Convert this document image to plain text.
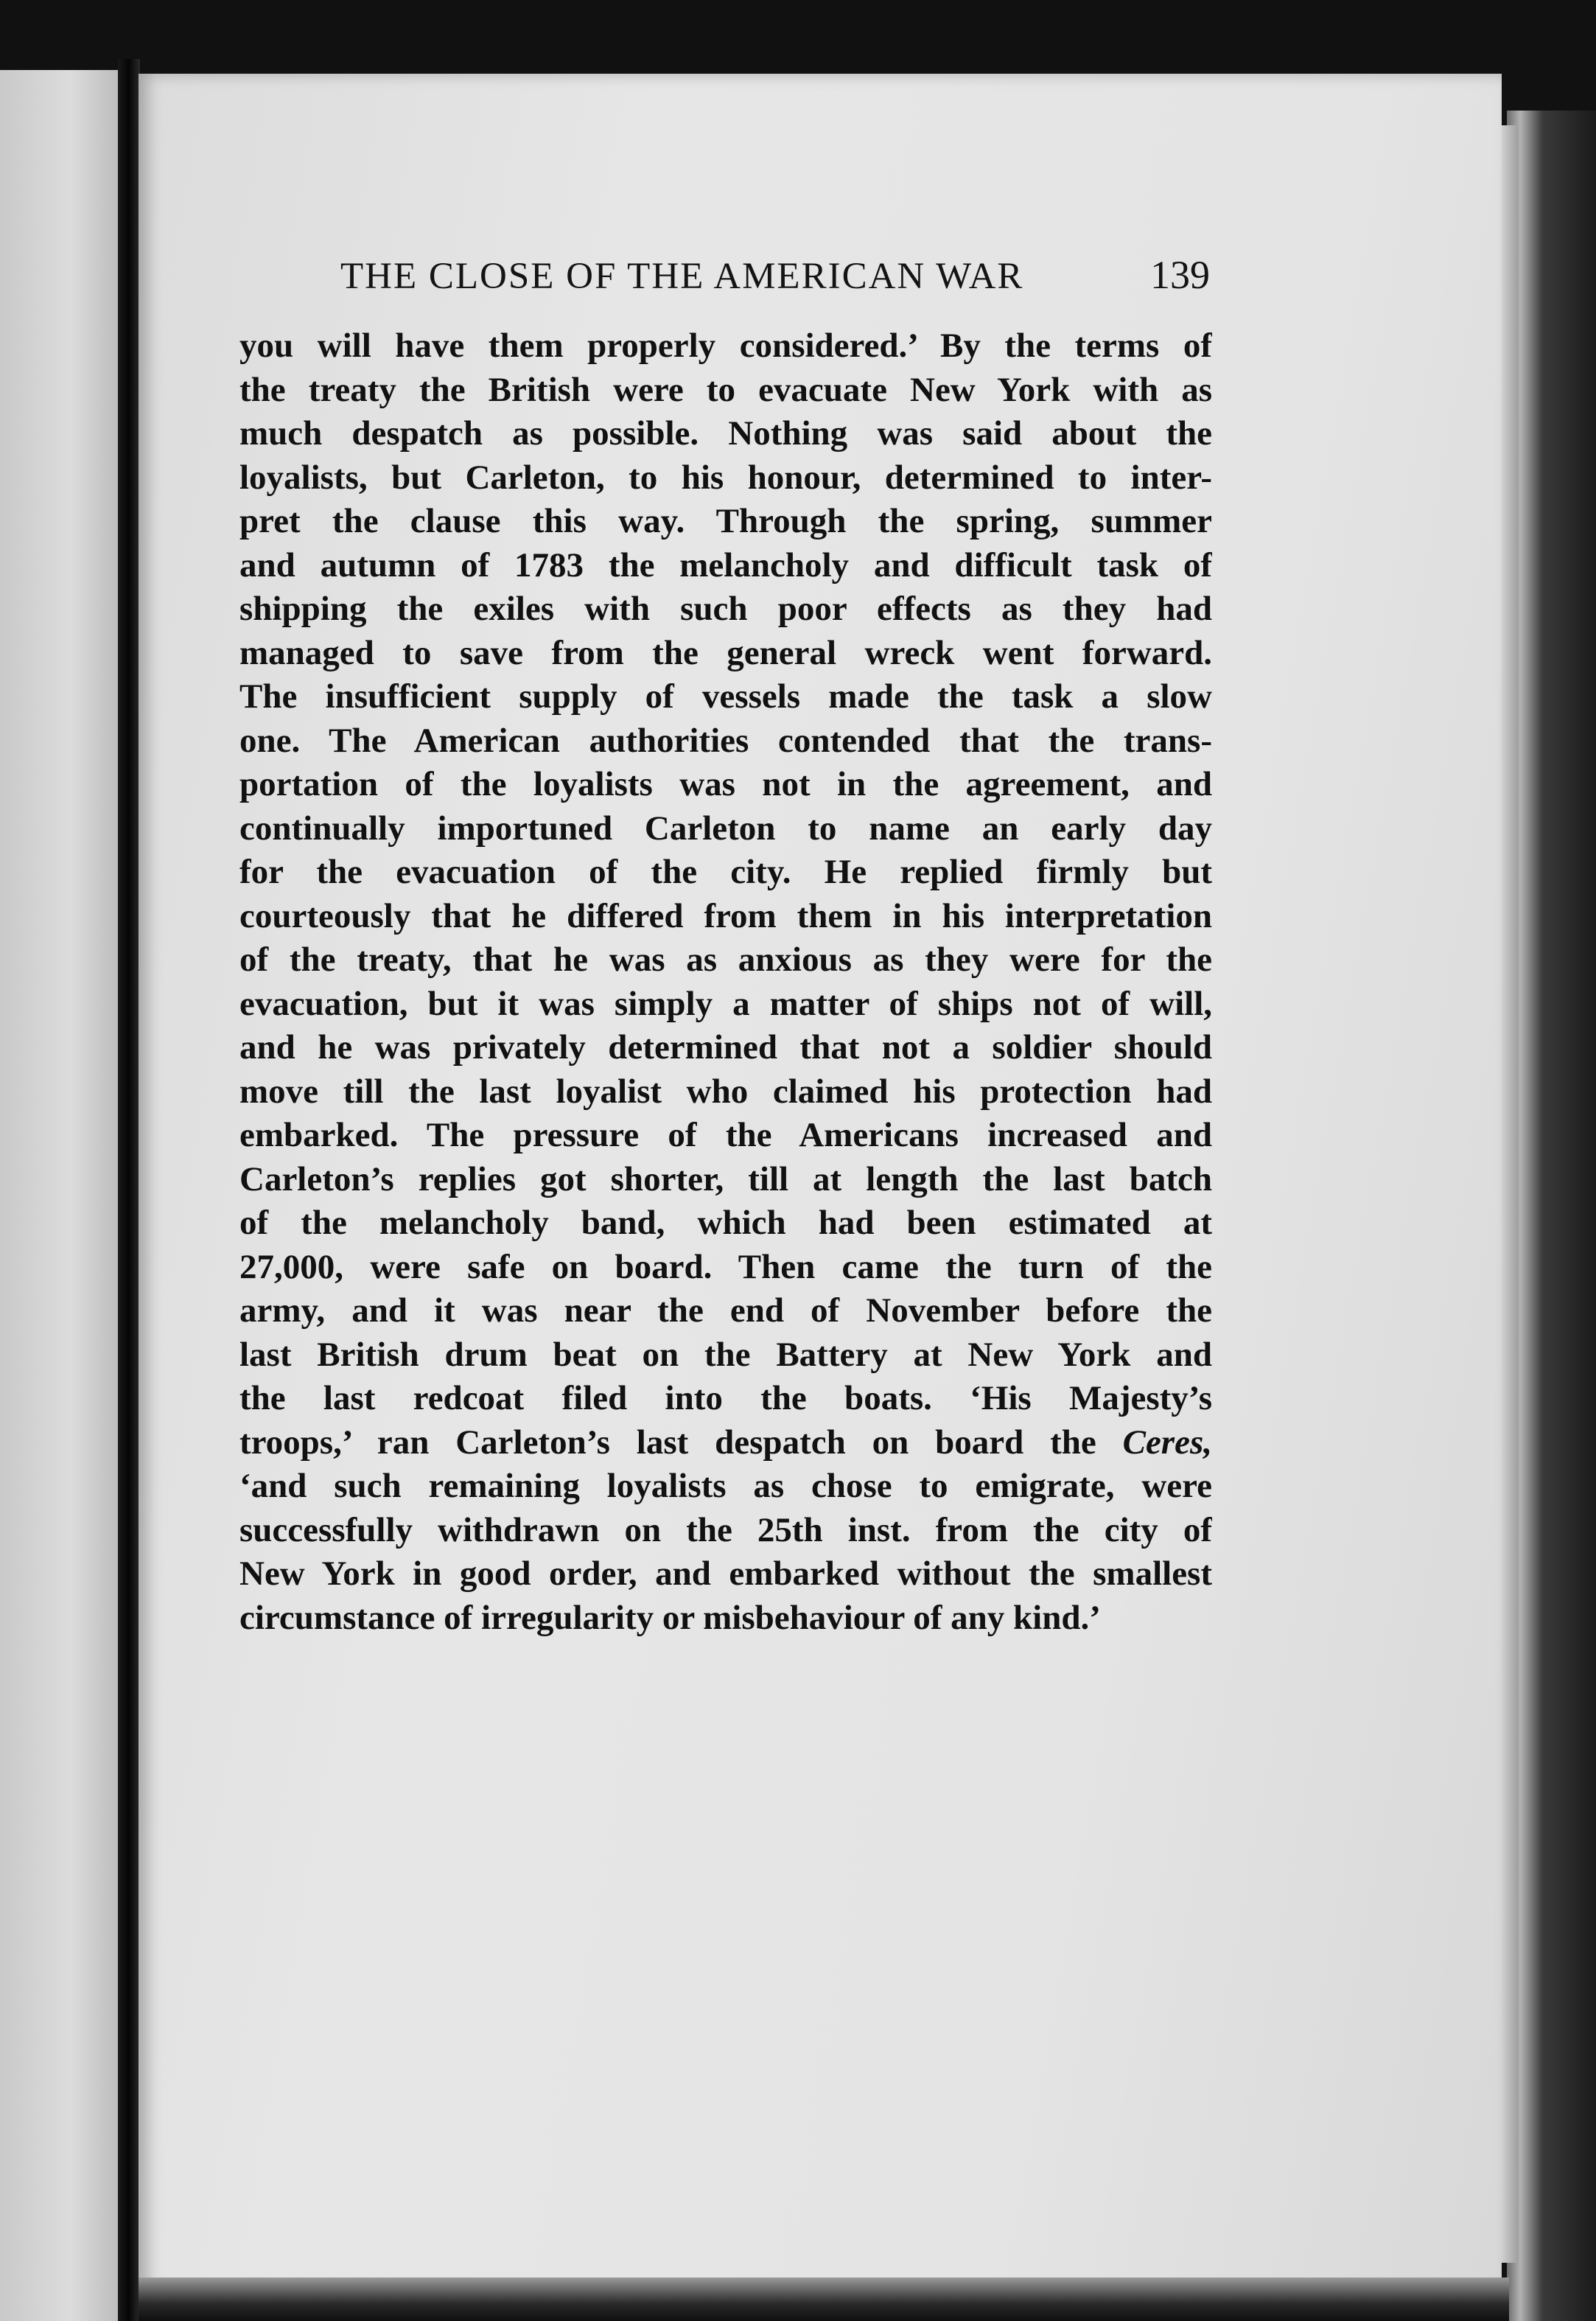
THE CLOSE OF THE AMERICAN WAR	139
you will have them properly considered.’ By the terms of
the treaty the British were to evacuate New York with as
much despatch as possible. Nothing was said about the
loyalists, but Carleton, to his honour, determined to inter-
pret the clause this way. Through the spring, summer
and autumn of 1783 the melancholy and difficult task of
shipping the exiles with such poor effects as they had
managed to save from the general wreck went forward.
The insufficient supply of vessels made the task a slow
one. The American authorities contended that the trans-
portation of the loyalists was not in the agreement, and
continually importuned Carleton to name an early day
for the evacuation of the city. He replied firmly but
courteously that he differed from them in his interpretation
of the treaty, that he was as anxious as they were for the
evacuation, but it was simply a matter of ships not of will,
and he was privately determined that not a soldier should
move till the last loyalist who claimed his protection had
embarked. The pressure of the Americans increased and
Carleton’s replies got shorter, till at length the last batch
of the melancholy band, which had been estimated at
27,000, were safe on board. Then came the turn of the
army, and it was near the end of November before the
last British drum beat on the Battery at New York and
the last redcoat filed into the boats. ‘His Majesty’s
troops,’ ran Carleton’s last despatch on board the Ceres,
‘and such remaining loyalists as chose to emigrate, were
successfully withdrawn on the 25th inst. from the city of
New York in good order, and embarked without the smallest
circumstance of irregularity or misbehaviour of any kind.’
